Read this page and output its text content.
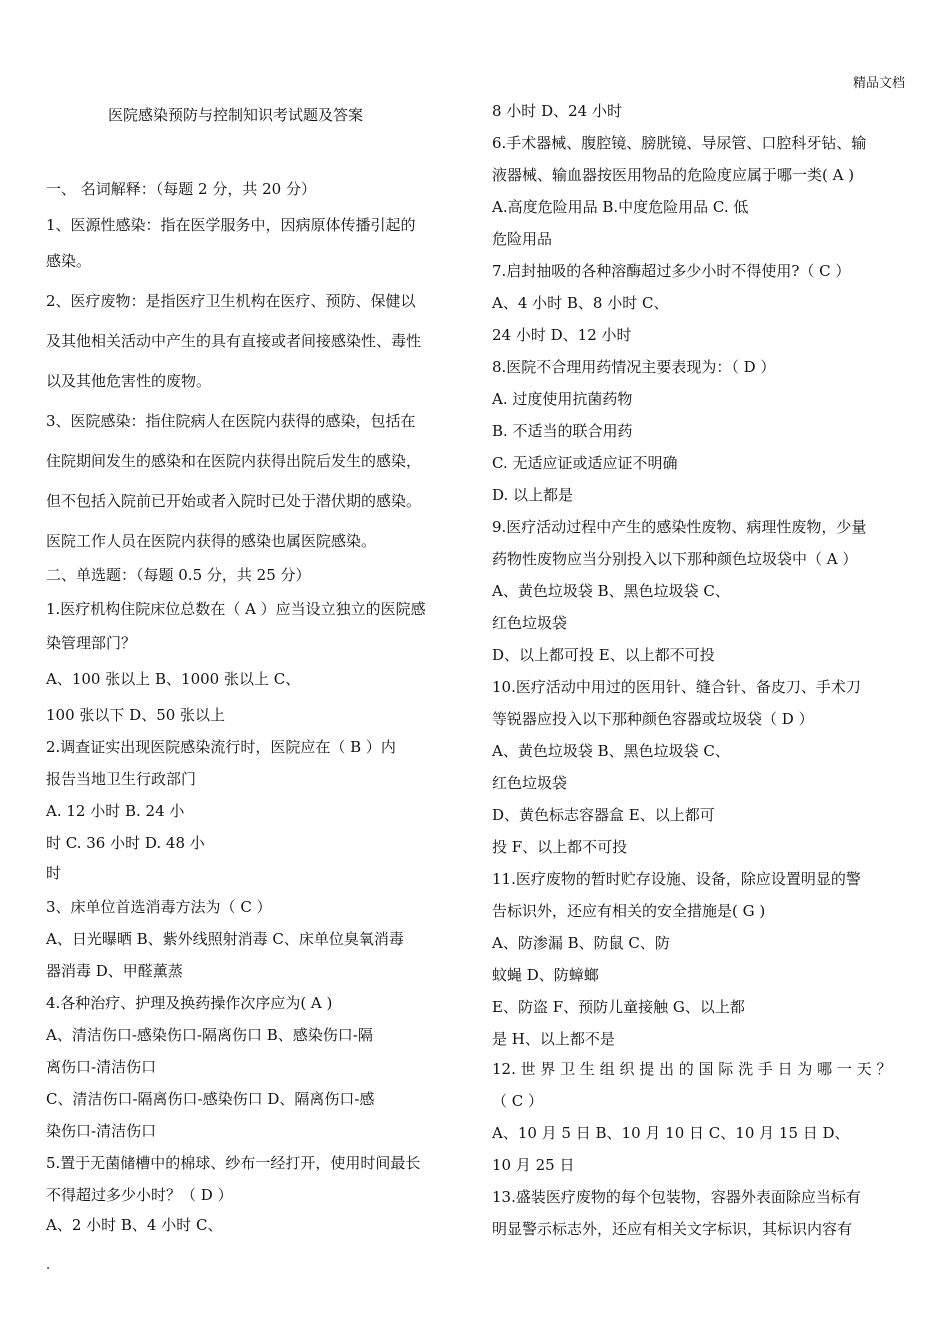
精品文档
医院感染预防与控制知识考试题及答案
一、 名词解释：（每题 2 分，共 20 分）
1、医源性感染：指在医学服务中，因病原体传播引起的
感染。
2、医疗废物：是指医疗卫生机构在医疗、预防、保健以
及其他相关活动中产生的具有直接或者间接感染性、毒性
以及其他危害性的废物。
3、医院感染：指住院病人在医院内获得的感染，包括在
住院期间发生的感染和在医院内获得出院后发生的感染，
但不包括入院前已开始或者入院时已处于潜伏期的感染。
医院工作人员在医院内获得的感染也属医院感染。
二、单选题：（每题 0.5 分，共 25 分）
1.医疗机构住院床位总数在（ A ）应当设立独立的医院感
染管理部门？
A、100 张以上 B、1000 张以上 C、
100 张以下 D、50 张以上
2.调查证实出现医院感染流行时，医院应在（ B ）内
报告当地卫生行政部门
A. 12 小时 B. 24 小
时 C. 36 小时 D. 48 小
时
3、床单位首选消毒方法为（ C ）
A、日光曝晒 B、紫外线照射消毒 C、床单位臭氧消毒
器消毒 D、甲醛薰蒸
4.各种治疗、护理及换药操作次序应为( A )
A、清洁伤口-感染伤口-隔离伤口 B、感染伤口-隔
离伤口-清洁伤口
C、清洁伤口-隔离伤口-感染伤口 D、隔离伤口-感
染伤口-清洁伤口
5.置于无菌储槽中的棉球、纱布一经打开，使用时间最长
不得超过多少小时？（ D ）
A、2 小时 B、4 小时 C、
8 小时 D、24 小时
6.手术器械、腹腔镜、膀胱镜、导尿管、口腔科牙钻、输
液器械、输血器按医用物品的危险度应属于哪一类( A )
A.高度危险用品 B.中度危险用品 C. 低
危险用品
7.启封抽吸的各种溶酶超过多少小时不得使用?（ C ）
A、4 小时 B、8 小时 C、
24 小时 D、12 小时
8.医院不合理用药情况主要表现为：（ D ）
A. 过度使用抗菌药物
B. 不适当的联合用药
C. 无适应证或适应证不明确
D. 以上都是
9.医疗活动过程中产生的感染性废物、病理性废物，少量
药物性废物应当分别投入以下那种颜色垃圾袋中（ A ）
A、黄色垃圾袋 B、黑色垃圾袋 C、
红色垃圾袋
D、以上都可投 E、以上都不可投
10.医疗活动中用过的医用针、缝合针、备皮刀、手术刀
等锐器应投入以下那种颜色容器或垃圾袋（ D ）
A、黄色垃圾袋 B、黑色垃圾袋 C、
红色垃圾袋
D、黄色标志容器盒 E、以上都可
投 F、以上都不可投
11.医疗废物的暂时贮存设施、设备，除应设置明显的警
告标识外，还应有相关的安全措施是( G )
A、防渗漏 B、防鼠 C、防
蚊蝇 D、防蟑螂
E、防盗 F、预防儿童接触 G、以上都
是 H、以上都不是
12. 世 界 卫 生 组 织 提 出 的 国 际 洗 手 日 为 哪 一 天 ？
（ C ）
A、10 月 5 日 B、10 月 10 日 C、10 月 15 日 D、
10 月 25 日
13.盛装医疗废物的每个包装物，容器外表面除应当标有
明显警示标志外，还应有相关文字标识，其标识内容有
.
